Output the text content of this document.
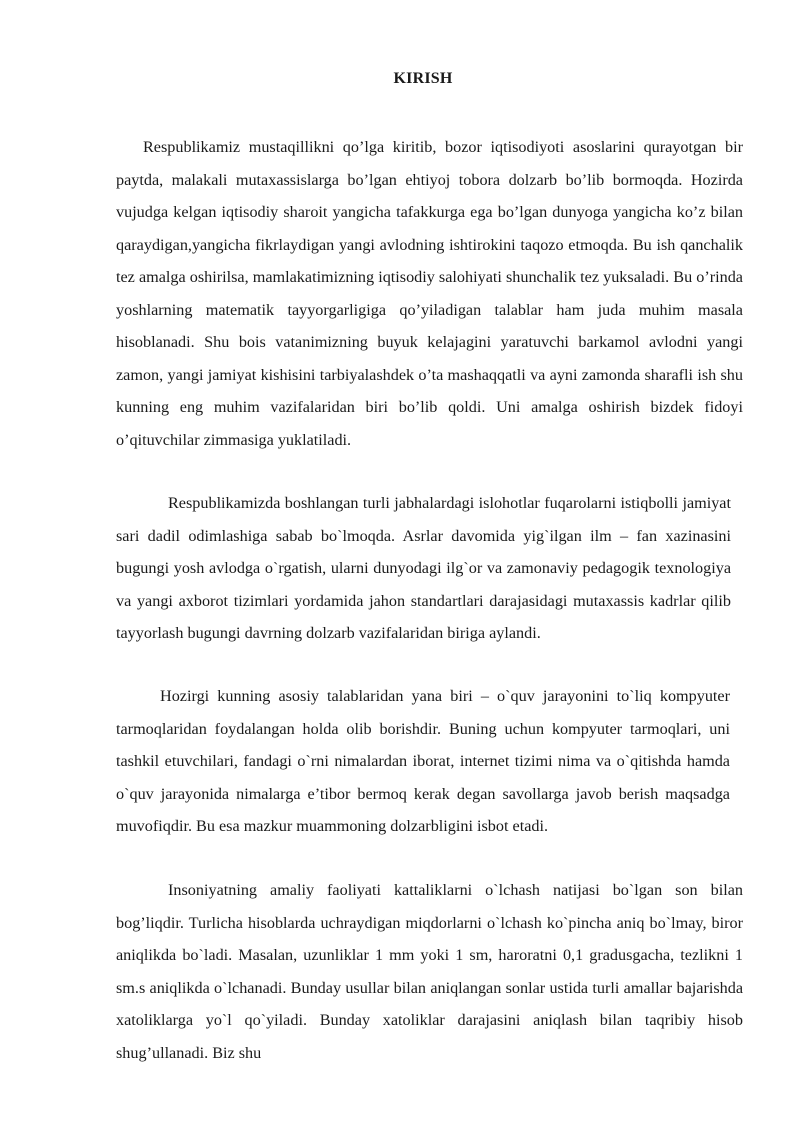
KIRISH

Respublikamiz mustaqillikni qo’lga kiritib, bozor iqtisodiyoti asoslarini qurayotgan bir paytda, malakali mutaxassislarga bo’lgan ehtiyoj tobora dolzarb bo’lib bormoqda. Hozirda vujudga kelgan iqtisodiy sharoit yangicha tafakkurga ega bo’lgan dunyoga yangicha ko’z bilan qaraydigan,yangicha fikrlaydigan yangi avlodning ishtirokini taqozo etmoqda. Bu ish qanchalik tez amalga oshirilsa, mamlakatimizning iqtisodiy salohiyati shunchalik tez yuksaladi. Bu o’rinda yoshlarning matematik tayyorgarligiga qo’yiladigan talablar ham juda muhim masala hisoblanadi. Shu bois vatanimizning buyuk kelajagini yaratuvchi barkamol avlodni yangi zamon, yangi jamiyat kishisini tarbiyalashdek o’ta mashaqqatli va ayni zamonda sharafli ish shu kunning eng muhim vazifalaridan biri bo’lib qoldi. Uni amalga oshirish bizdek fidoyi o’qituvchilar zimmasiga yuklatiladi.

Respublikamizda boshlangan turli jabhalardagi islohotlar fuqarolarni istiqbolli jamiyat sari dadil odimlashiga sabab bo`lmoqda. Asrlar davomida yig`ilgan ilm – fan xazinasini bugungi yosh avlodga o`rgatish, ularni dunyodagi ilg`or va zamonaviy pedagogik texnologiya va yangi axborot tizimlari yordamida jahon standartlari darajasidagi mutaxassis kadrlar qilib tayyorlash bugungi davrning dolzarb vazifalaridan biriga aylandi.

Hozirgi kunning asosiy talablaridan yana biri – o`quv jarayonini to`liq kompyuter tarmoqlaridan foydalangan holda olib borishdir. Buning uchun kompyuter tarmoqlari, uni tashkil etuvchilari, fandagi o`rni nimalardan iborat, internet tizimi nima va o`qitishda hamda o`quv jarayonida nimalarga e’tibor bermoq kerak degan savollarga javob berish maqsadga muvofiqdir. Bu esa mazkur muammoning dolzarbligini isbot etadi.

Insoniyatning amaliy faoliyati kattaliklarni o`lchash natijasi bo`lgan son bilan bog’liqdir. Turlicha hisoblarda uchraydigan miqdorlarni o`lchash ko`pincha aniq bo`lmay, biror aniqlikda bo`ladi. Masalan, uzunliklar 1 mm yoki 1 sm, haroratni 0,1 gradusgacha, tezlikni 1 sm.s aniqlikda o`lchanadi. Bunday usullar bilan aniqlangan sonlar ustida turli amallar bajarishda xatoliklarga yo`l qo`yiladi. Bunday xatoliklar darajasini aniqlash bilan taqribiy hisob shug’ullanadi. Biz shu
